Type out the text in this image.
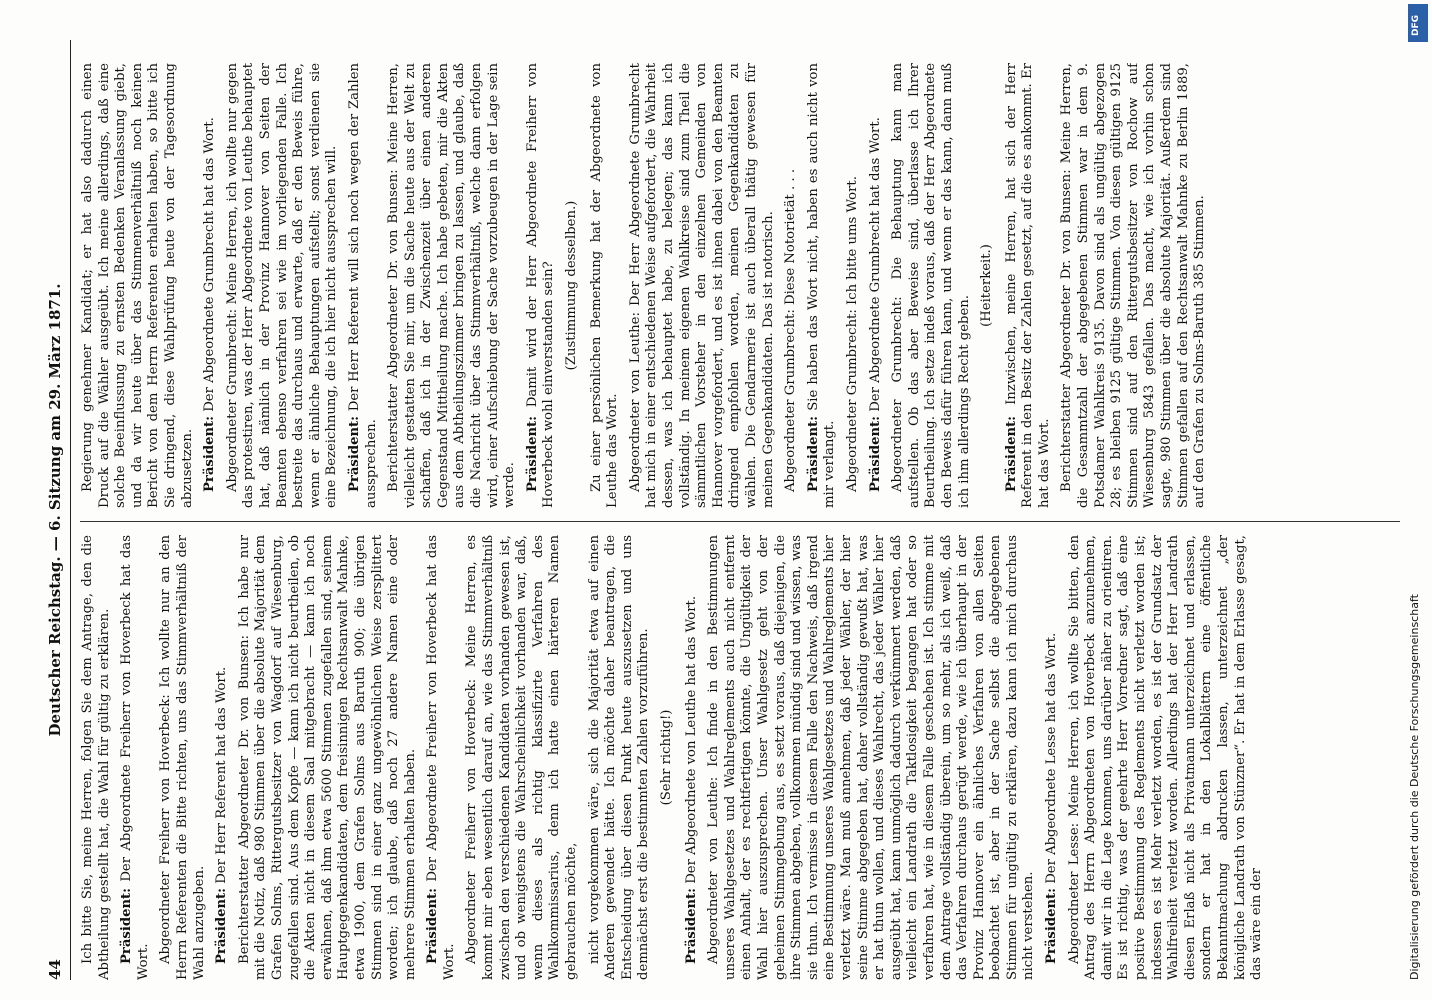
44
Deutscher Reichstag. — 6. Sitzung am 29. März 1871.

Ich bitte Sie, meine Herren, folgen Sie dem Antrage, den die Abtheilung gestellt hat, die Wahl für gültig zu erklären. Präsident: Der Abgeordnete Freiherr von Hoverbeck hat das Wort. Abgeordneter Freiherr von Hoverbeck: Ich wollte nur an den Herrn Referenten die Bitte richten, uns das Stimmverhältniß der Wahl anzugeben. Präsident: Der Herr Referent hat das Wort. Berichterstatter Abgeordneter Dr. von Bunsen: Ich habe nur mit die Notiz, daß 980 Stimmen über die absolute Majorität dem Grafen Solms, Rittergutsbesitzer von Wagdorf auf Wiesenburg, zugefallen sind. Aus dem Kopfe — kann ich nicht beurtheilen, ob die Akten nicht in diesem Saal mitgebracht — kann ich noch erwähnen, daß ihm etwa 5600 Stimmen zugefallen sind, seinem Hauptgegenkandidaten, dem freisinnigen Rechtsanwalt Mahnke, etwa 1900, dem Grafen Solms aus Baruth 900; die übrigen Stimmen sind in einer ganz ungewöhnlichen Weise zersplittert worden; ich glaube, daß noch 27 andere Namen eine oder mehrere Stimmen erhalten haben. Präsident: Der Abgeordnete Freiherr von Hoverbeck hat das Wort. Abgeordneter Freiherr von Hoverbeck: Meine Herren, es kommt mir eben wesentlich darauf an, wie das Stimmverhältniß zwischen den verschiedenen Kandidaten vorhanden gewesen ist, und ob wenigstens die Wahrscheinlichkeit vorhanden war, daß, wenn dieses als richtig klassifizirte Verfahren des Wahlkommissarius, denn ich hatte einen härteren Namen gebrauchen möchte, nicht vorgekommen wäre, sich die Majorität etwa auf einen Anderen gewendet hätte. Ich möchte daher beantragen, die Entscheidung über diesen Punkt heute auszusetzen und uns demnächst erst die bestimmten Zahlen vorzuführen. (Sehr richtig!)

Präsident: Der Abgeordnete von Leuthe hat das Wort. Abgeordneter von Leuthe: Ich finde in den Bestimmungen unseres Wahlgesetzes und Wahlreglements auch nicht entfernt einen Anhalt, der es rechtfertigen könnte, die Ungültigkeit der Wahl hier auszusprechen. Unser Wahlgesetz geht von der geheimen Stimmgebung aus, es setzt voraus, daß diejenigen, die ihre Stimmen abgeben, vollkommen mündig sind und wissen, was sie thun. Ich vermisse in diesem Falle den Nachweis, daß irgend eine Bestimmung unseres Wahlgesetzes und Wahlreglements hier verletzt wäre. Man muß annehmen, daß jeder Wähler, der hier seine Stimme abgegeben hat, daher vollständig gewußt hat, was er hat thun wollen, und dieses Wahlrecht, das jeder Wähler hier ausgeübt hat, kann unmöglich dadurch verkümmert werden, daß vielleicht ein Landrath die Taktlosigkeit begangen hat oder so verfahren hat, wie in diesem Falle geschehen ist. Ich stimme mit dem Antrage vollständig überein, um so mehr, als ich weiß, daß das Verfahren durchaus gerügt werde, wie ich überhaupt in der Provinz Hannover ein ähnliches Verfahren von allen Seiten beobachtet ist, aber in der Sache selbst die abgegebenen Stimmen für ungültig zu erklären, dazu kann ich mich durchaus nicht verstehen. Präsident: Der Abgeordnete Lesse hat das Wort. Abgeordneter Lesse: Meine Herren, ich wollte Sie bitten, den Antrag des Herrn Abgeordneten von Hoverbeck anzunehmen, damit wir in die Lage kommen, uns darüber näher zu orientiren. Es ist richtig, was der geehrte Herr Vorredner sagt, daß eine positive Bestimmung des Reglements nicht verletzt worden ist; indessen es ist Mehr verletzt worden, es ist der Grundsatz der Wahlfreiheit verletzt worden. Allerdings hat der Herr Landrath diesen Erlaß nicht als Privatmann unterzeichnet und erlassen, sondern er hat in den Lokalblättern eine öffentliche Bekanntmachung abdrucken lassen, unterzeichnet „der königliche Landrath von Stünzner“. Er hat in dem Erlasse gesagt, das wäre ein der

Regierung genehmer Kandidat; er hat also dadurch einen Druck auf die Wähler ausgeübt. Ich meine allerdings, daß eine solche Beeinflussung zu ernsten Bedenken Veranlassung giebt, und da wir heute über das Stimmenverhältniß noch keinen Bericht von dem Herrn Referenten erhalten haben, so bitte ich Sie dringend, diese Wahlprüfung heute von der Tagesordnung abzusetzen. Präsident: Der Abgeordnete Grumbrecht hat das Wort. Abgeordneter Grumbrecht: Meine Herren, ich wollte nur gegen das protestiren, was der Herr Abgeordnete von Leuthe behauptet hat, daß nämlich in der Provinz Hannover von Seiten der Beamten ebenso verfahren sei wie im vorliegenden Falle. Ich bestreite das durchaus und erwarte, daß er den Beweis führe, wenn er ähnliche Behauptungen aufstellt; sonst verdienen sie eine Bezeichnung, die ich hier nicht aussprechen will. Präsident: Der Herr Referent will sich noch wegen der Zahlen aussprechen. Berichterstatter Abgeordneter Dr. von Bunsen: Meine Herren, vielleicht gestatten Sie mir, um die Sache heute aus der Welt zu schaffen, daß ich in der Zwischenzeit über einen anderen Gegenstand Mittheilung mache. Ich habe gebeten, mir die Akten aus dem Abtheilungszimmer bringen zu lassen, und glaube, daß die Nachricht über das Stimmverhältniß, welche dann erfolgen wird, einer Aufschiebung der Sache vorzubeugen in der Lage sein werde. Präsident: Damit wird der Herr Abgeordnete Freiherr von Hoverbeck wohl einverstanden sein? (Zustimmung desselben.) Zu einer persönlichen Bemerkung hat der Abgeordnete von Leuthe das Wort. Abgeordneter von Leuthe: Der Herr Abgeordnete Grumbrecht hat mich in einer entschiedenen Weise aufgefordert, die Wahrheit dessen, was ich behauptet habe, zu belegen; das kann ich vollständig. In meinem eigenen Wahlkreise sind zum Theil die sämmtlichen Vorsteher in den einzelnen Gemeinden von Hannover vorgefordert, und es ist ihnen dabei von den Beamten dringend empfohlen worden, meinen Gegenkandidaten zu wählen. Die Gendarmerie ist auch überall thätig gewesen für meinen Gegenkandidaten. Das ist notorisch. Abgeordneter Grumbrecht: Diese Notorietät . . . Präsident: Sie haben das Wort nicht, haben es auch nicht von mir verlangt. Abgeordneter Grumbrecht: Ich bitte ums Wort. Präsident: Der Abgeordnete Grumbrecht hat das Wort. Abgeordneter Grumbrecht: Die Behauptung kann man aufstellen. Ob das aber Beweise sind, überlasse ich Ihrer Beurtheilung. Ich setze indeß voraus, daß der Herr Abgeordnete den Beweis dafür führen kann, und wenn er das kann, dann muß ich ihm allerdings Recht geben.

(Heiterkeit.)

Präsident: Inzwischen, meine Herren, hat sich der Herr Referent in den Besitz der Zahlen gesetzt, auf die es ankommt. Er hat das Wort. Berichterstatter Abgeordneter Dr. von Bunsen: Meine Herren, die Gesammtzahl der abgegebenen Stimmen war in dem 9. Potsdamer Wahlkreis 9135. Davon sind als ungültig abgezogen 28; es bleiben 9125 gültige Stimmen. Von diesen gültigen 9125 Stimmen sind auf den Rittergutsbesitzer von Rochow auf Wiesenburg 5843 gefallen. Das macht, wie ich vorhin schon sagte, 980 Stimmen über die absolute Majorität. Außerdem sind Stimmen gefallen auf den Rechtsanwalt Mahnke zu Berlin 1889, auf den Grafen zu Solms-Baruth 385 Stimmen.

DFG
Digitalisierung gefördert durch die Deutsche Forschungsgemeinschaft
